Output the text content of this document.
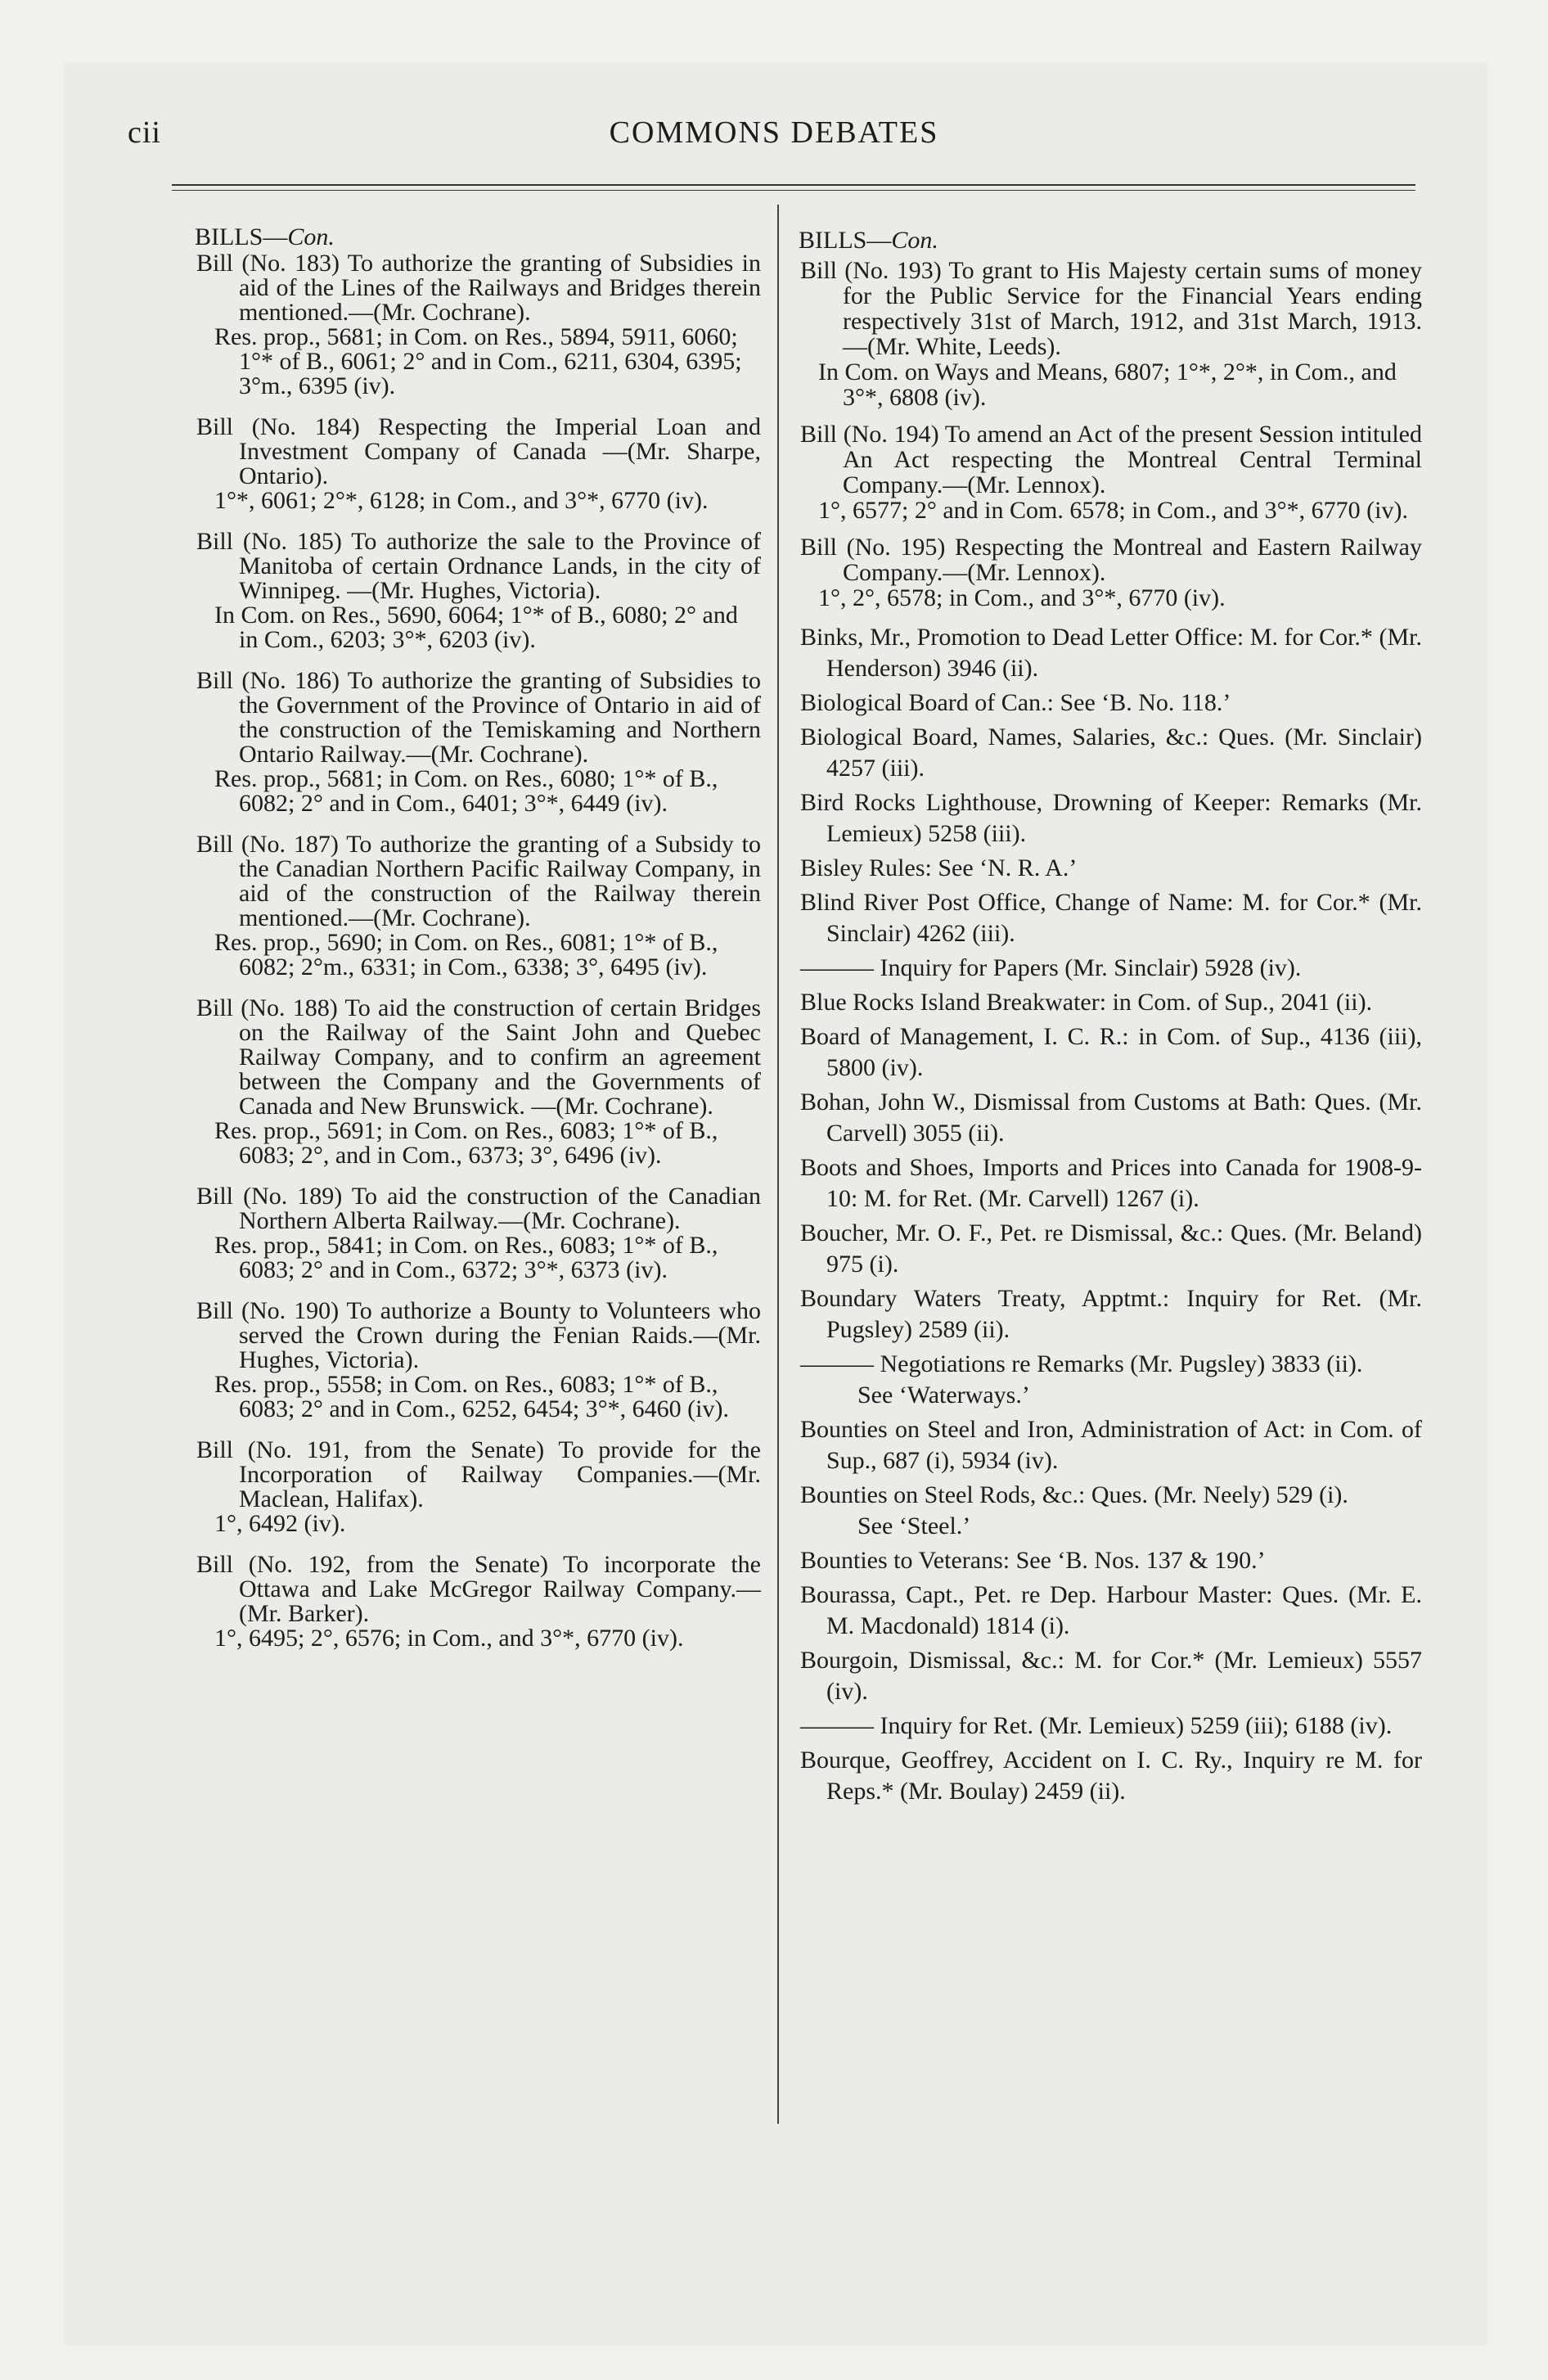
cii	COMMONS DEBATES
BILLS—Con.

Bill (No. 183) To authorize the granting of Subsidies in aid of the Lines of the Railways and Bridges therein mentioned.—(Mr. Cochrane).

Res. prop., 5681; in Com. on Res., 5894, 5911, 6060; 1°* of B., 6061; 2° and in Com., 6211, 6304, 6395; 3°m., 6395 (iv).

Bill (No. 184) Respecting the Imperial Loan and Investment Company of Canada —(Mr. Sharpe, Ontario).

1°*, 6061; 2°*, 6128; in Com., and 3°*, 6770 (iv).

Bill (No. 185) To authorize the sale to the Province of Manitoba of certain Ordnance Lands, in the city of Winnipeg. —(Mr. Hughes, Victoria).

In Com. on Res., 5690, 6064; 1°* of B., 6080; 2° and in Com., 6203; 3°*, 6203 (iv).

Bill (No. 186) To authorize the granting of Subsidies to the Government of the Province of Ontario in aid of the construction of the Temiskaming and Northern Ontario Railway.—(Mr. Cochrane).

Res. prop., 5681; in Com. on Res., 6080; 1°* of B., 6082; 2° and in Com., 6401; 3°*, 6449 (iv).

Bill (No. 187) To authorize the granting of a Subsidy to the Canadian Northern Pacific Railway Company, in aid of the construction of the Railway therein mentioned.—(Mr. Cochrane).

Res. prop., 5690; in Com. on Res., 6081; 1°* of B., 6082; 2°m., 6331; in Com., 6338; 3°, 6495 (iv).

Bill (No. 188) To aid the construction of certain Bridges on the Railway of the Saint John and Quebec Railway Company, and to confirm an agreement between the Company and the Governments of Canada and New Brunswick. —(Mr. Cochrane).

Res. prop., 5691; in Com. on Res., 6083; 1°* of B., 6083; 2°, and in Com., 6373; 3°, 6496 (iv).

Bill (No. 189) To aid the construction of the Canadian Northern Alberta Railway.—(Mr. Cochrane).

Res. prop., 5841; in Com. on Res., 6083; 1°* of B., 6083; 2° and in Com., 6372; 3°*, 6373 (iv).

Bill (No. 190) To authorize a Bounty to Volunteers who served the Crown during the Fenian Raids.—(Mr. Hughes, Victoria).

Res. prop., 5558; in Com. on Res., 6083; 1°* of B., 6083; 2° and in Com., 6252, 6454; 3°*, 6460 (iv).

Bill (No. 191, from the Senate) To provide for the Incorporation of Railway Companies.—(Mr. Maclean, Halifax).

1°, 6492 (iv).

Bill (No. 192, from the Senate) To incorporate the Ottawa and Lake McGregor Railway Company.—(Mr. Barker).

1°, 6495; 2°, 6576; in Com., and 3°*, 6770 (iv).

BILLS—Con.

Bill (No. 193) To grant to His Majesty certain sums of money for the Public Service for the Financial Years ending respectively 31st of March, 1912, and 31st March, 1913.—(Mr. White, Leeds).

In Com. on Ways and Means, 6807; 1°*, 2°*, in Com., and 3°*, 6808 (iv).

Bill (No. 194) To amend an Act of the present Session intituled An Act respecting the Montreal Central Terminal Company.—(Mr. Lennox).

1°, 6577; 2° and in Com. 6578; in Com., and 3°*, 6770 (iv).

Bill (No. 195) Respecting the Montreal and Eastern Railway Company.—(Mr. Lennox).

1°, 2°, 6578; in Com., and 3°*, 6770 (iv).

Binks, Mr., Promotion to Dead Letter Office: M. for Cor.* (Mr. Henderson) 3946 (ii).

Biological Board of Can.: See ‘B. No. 118.’

Biological Board, Names, Salaries, &c.: Ques. (Mr. Sinclair) 4257 (iii).

Bird Rocks Lighthouse, Drowning of Keeper: Remarks (Mr. Lemieux) 5258 (iii).

Bisley Rules: See ‘N. R. A.’

Blind River Post Office, Change of Name: M. for Cor.* (Mr. Sinclair) 4262 (iii).

——— Inquiry for Papers (Mr. Sinclair) 5928 (iv).

Blue Rocks Island Breakwater: in Com. of Sup., 2041 (ii).

Board of Management, I. C. R.: in Com. of Sup., 4136 (iii), 5800 (iv).

Bohan, John W., Dismissal from Customs at Bath: Ques. (Mr. Carvell) 3055 (ii).

Boots and Shoes, Imports and Prices into Canada for 1908-9-10: M. for Ret. (Mr. Carvell) 1267 (i).

Boucher, Mr. O. F., Pet. re Dismissal, &c.: Ques. (Mr. Beland) 975 (i).

Boundary Waters Treaty, Apptmt.: Inquiry for Ret. (Mr. Pugsley) 2589 (ii).

——— Negotiations re Remarks (Mr. Pugsley) 3833 (ii).

See ‘Waterways.’

Bounties on Steel and Iron, Administration of Act: in Com. of Sup., 687 (i), 5934 (iv).

Bounties on Steel Rods, &c.: Ques. (Mr. Neely) 529 (i).

See ‘Steel.’

Bounties to Veterans: See ‘B. Nos. 137 & 190.’

Bourassa, Capt., Pet. re Dep. Harbour Master: Ques. (Mr. E. M. Macdonald) 1814 (i).

Bourgoin, Dismissal, &c.: M. for Cor.* (Mr. Lemieux) 5557 (iv).

——— Inquiry for Ret. (Mr. Lemieux) 5259 (iii); 6188 (iv).

Bourque, Geoffrey, Accident on I. C. Ry., Inquiry re M. for Reps.* (Mr. Boulay) 2459 (ii).
